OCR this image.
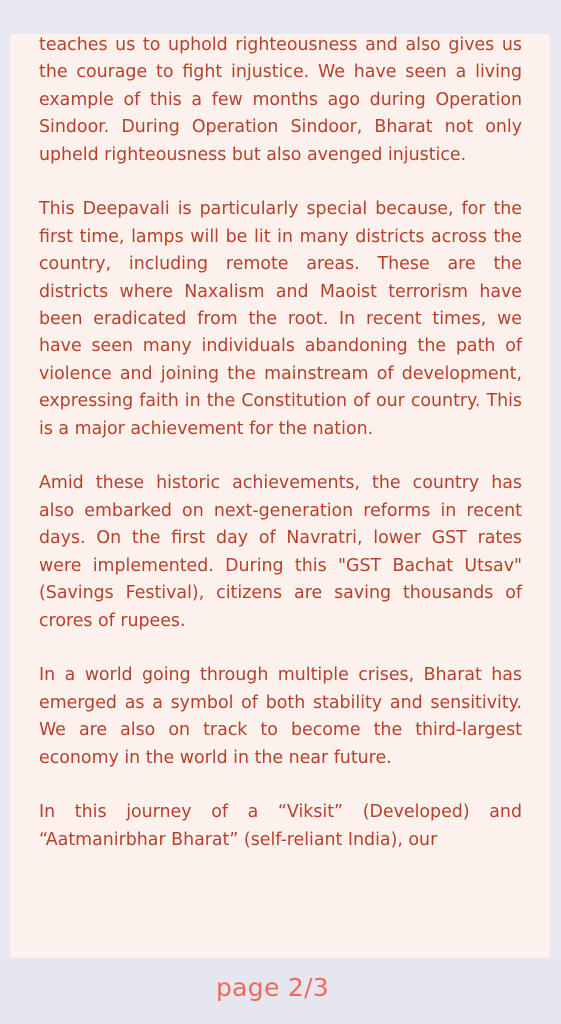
teaches us to uphold righteousness and also gives us the courage to fight injustice. We have seen a living example of this a few months ago during Operation Sindoor. During Operation Sindoor, Bharat not only upheld righteousness but also avenged injustice.

This Deepavali is particularly special because, for the first time, lamps will be lit in many districts across the country, including remote areas. These are the districts where Naxalism and Maoist terrorism have been eradicated from the root. In recent times, we have seen many individuals abandoning the path of violence and joining the mainstream of development, expressing faith in the Constitution of our country. This is a major achievement for the nation.

Amid these historic achievements, the country has also embarked on next-generation reforms in recent days. On the first day of Navratri, lower GST rates were implemented. During this "GST Bachat Utsav" (Savings Festival), citizens are saving thousands of crores of rupees.

In a world going through multiple crises, Bharat has emerged as a symbol of both stability and sensitivity. We are also on track to become the third-largest economy in the world in the near future.

In this journey of a “Viksit” (Developed) and “Aatmanirbhar Bharat” (self-reliant India), our

page 2/3
